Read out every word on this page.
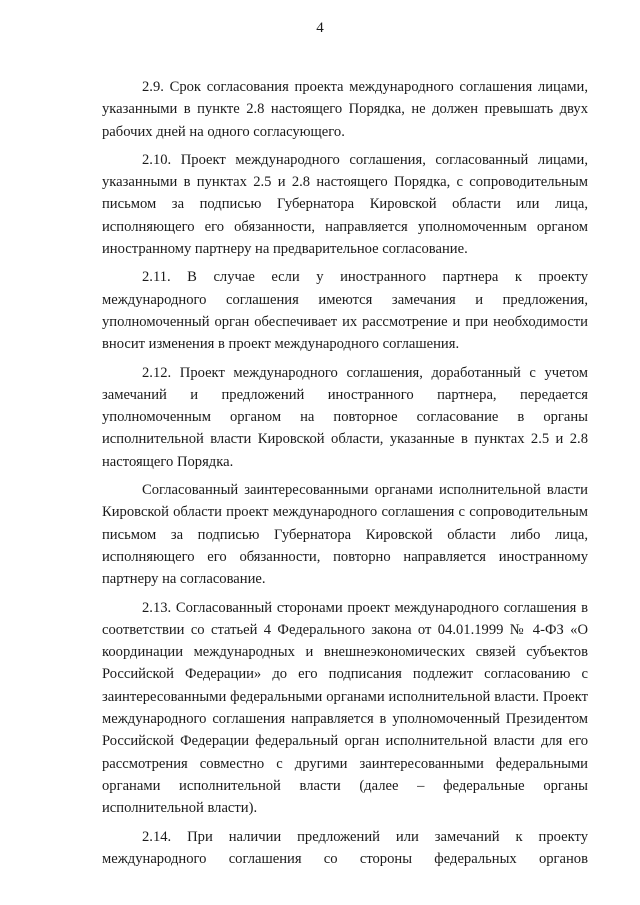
4

2.9. Срок согласования проекта международного соглашения лицами, указанными в пункте 2.8 настоящего Порядка, не должен превышать двух рабочих дней на одного согласующего.

2.10. Проект международного соглашения, согласованный лицами, указанными в пунктах 2.5 и 2.8 настоящего Порядка, с сопроводительным письмом за подписью Губернатора Кировской области или лица, исполняющего его обязанности, направляется уполномоченным органом иностранному партнеру на предварительное согласование.

2.11. В случае если у иностранного партнера к проекту международного соглашения имеются замечания и предложения, уполномоченный орган обеспечивает их рассмотрение и при необходимости вносит изменения в проект международного соглашения.

2.12. Проект международного соглашения, доработанный с учетом замечаний и предложений иностранного партнера, передается уполномоченным органом на повторное согласование в органы исполнительной власти Кировской области, указанные в пунктах 2.5 и 2.8 настоящего Порядка.

Согласованный заинтересованными органами исполнительной власти Кировской области проект международного соглашения с сопроводительным письмом за подписью Губернатора Кировской области либо лица, исполняющего его обязанности, повторно направляется иностранному партнеру на согласование.

2.13. Согласованный сторонами проект международного соглашения в соответствии со статьей 4 Федерального закона от 04.01.1999 № 4-ФЗ «О координации международных и внешнеэкономических связей субъектов Российской Федерации» до его подписания подлежит согласованию с заинтересованными федеральными органами исполнительной власти. Проект международного соглашения направляется в уполномоченный Президентом Российской Федерации федеральный орган исполнительной власти для его рассмотрения совместно с другими заинтересованными федеральными органами исполнительной власти (далее – федеральные органы исполнительной власти).

2.14. При наличии предложений или замечаний к проекту международного соглашения со стороны федеральных органов
